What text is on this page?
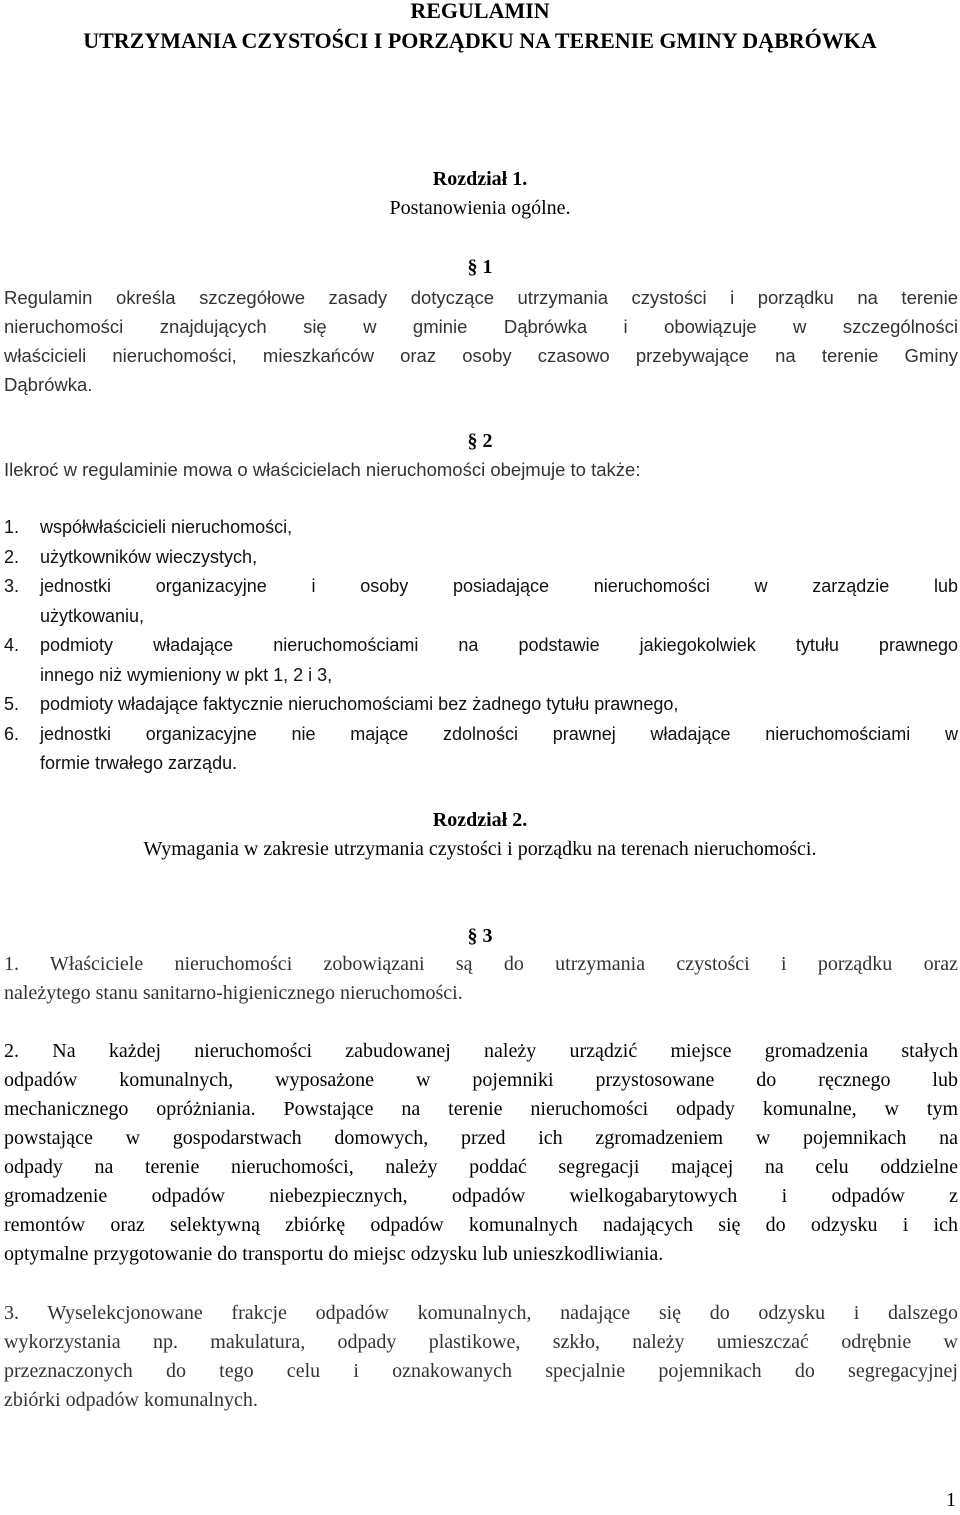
REGULAMIN
UTRZYMANIA CZYSTOŚCI I PORZĄDKU NA TERENIE GMINY DĄBRÓWKA
Rozdział 1.
Postanowienia ogólne.
§ 1
Regulamin określa szczegółowe zasady dotyczące utrzymania czystości i porządku na terenie
nieruchomości znajdujących się w gminie Dąbrówka i obowiązuje w szczególności
właścicieli nieruchomości, mieszkańców oraz osoby czasowo przebywające na terenie Gminy
Dąbrówka.
§ 2
Ilekroć w regulaminie mowa o właścicielach nieruchomości obejmuje to także:
1. współwłaścicieli nieruchomości,
2. użytkowników wieczystych,
3. jednostki organizacyjne i osoby posiadające nieruchomości w zarządzie lub
użytkowaniu,
4. podmioty władające nieruchomościami na podstawie jakiegokolwiek tytułu prawnego
innego niż wymieniony w pkt 1, 2 i 3,
5. podmioty władające faktycznie nieruchomościami bez żadnego tytułu prawnego,
6. jednostki organizacyjne nie mające zdolności prawnej władające nieruchomościami w
formie trwałego zarządu.
Rozdział 2.
Wymagania w zakresie utrzymania czystości i porządku na terenach nieruchomości.
§ 3
1. Właściciele nieruchomości zobowiązani są do utrzymania czystości i porządku oraz
należytego stanu sanitarno-higienicznego nieruchomości.
2. Na każdej nieruchomości zabudowanej należy urządzić miejsce gromadzenia stałych
odpadów komunalnych, wyposażone w pojemniki przystosowane do ręcznego lub
mechanicznego opróżniania. Powstające na terenie nieruchomości odpady komunalne, w tym
powstające w gospodarstwach domowych, przed ich zgromadzeniem w pojemnikach na
odpady na terenie nieruchomości, należy poddać segregacji mającej na celu oddzielne
gromadzenie odpadów niebezpiecznych, odpadów wielkogabarytowych i odpadów z
remontów oraz selektywną zbiórkę odpadów komunalnych nadających się do odzysku i ich
optymalne przygotowanie do transportu do miejsc odzysku lub unieszkodliwiania.
3. Wyselekcjonowane frakcje odpadów komunalnych, nadające się do odzysku i dalszego
wykorzystania np. makulatura, odpady plastikowe, szkło, należy umieszczać odrębnie w
przeznaczonych do tego celu i oznakowanych specjalnie pojemnikach do segregacyjnej
zbiórki odpadów komunalnych.
1
